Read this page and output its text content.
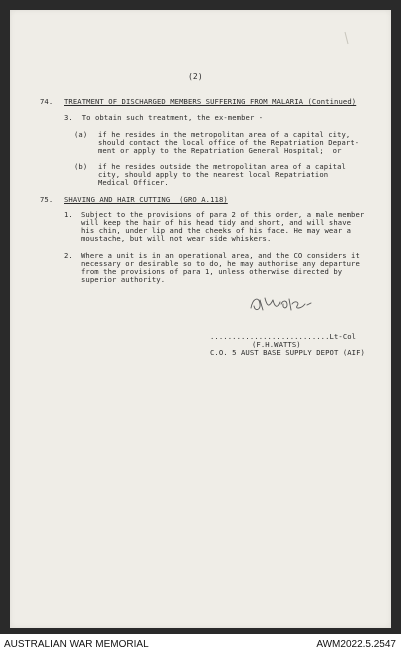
(2)
74. TREATMENT OF DISCHARGED MEMBERS SUFFERING FROM MALARIA (Continued)
3.  To obtain such treatment, the ex-member -
(a) if he resides in the metropolitan area of a capital city,
should contact the local office of the Repatriation Depart-
ment or apply to the Repatriation General Hospital;  or
(b) if he resides outside the metropolitan area of a capital
city, should apply to the nearest local Repatriation
Medical Officer.
75. SHAVING AND HAIR CUTTING  (GRO A.118)
1. Subject to the provisions of para 2 of this order, a male member
will keep the hair of his head tidy and short, and will shave
his chin, under lip and the cheeks of his face. He may wear a
moustache, but will not wear side whiskers.
2. Where a unit is in an operational area, and the CO considers it
necessary or desirable so to do, he may authorise any departure
from the provisions of para 1, unless otherwise directed by
superior authority.
...........................Lt-Col
(F.H.WATTS)
C.O. 5 AUST BASE SUPPLY DEPOT (AIF)
AUSTRALIAN WAR MEMORIAL	AWM2022.5.2547
